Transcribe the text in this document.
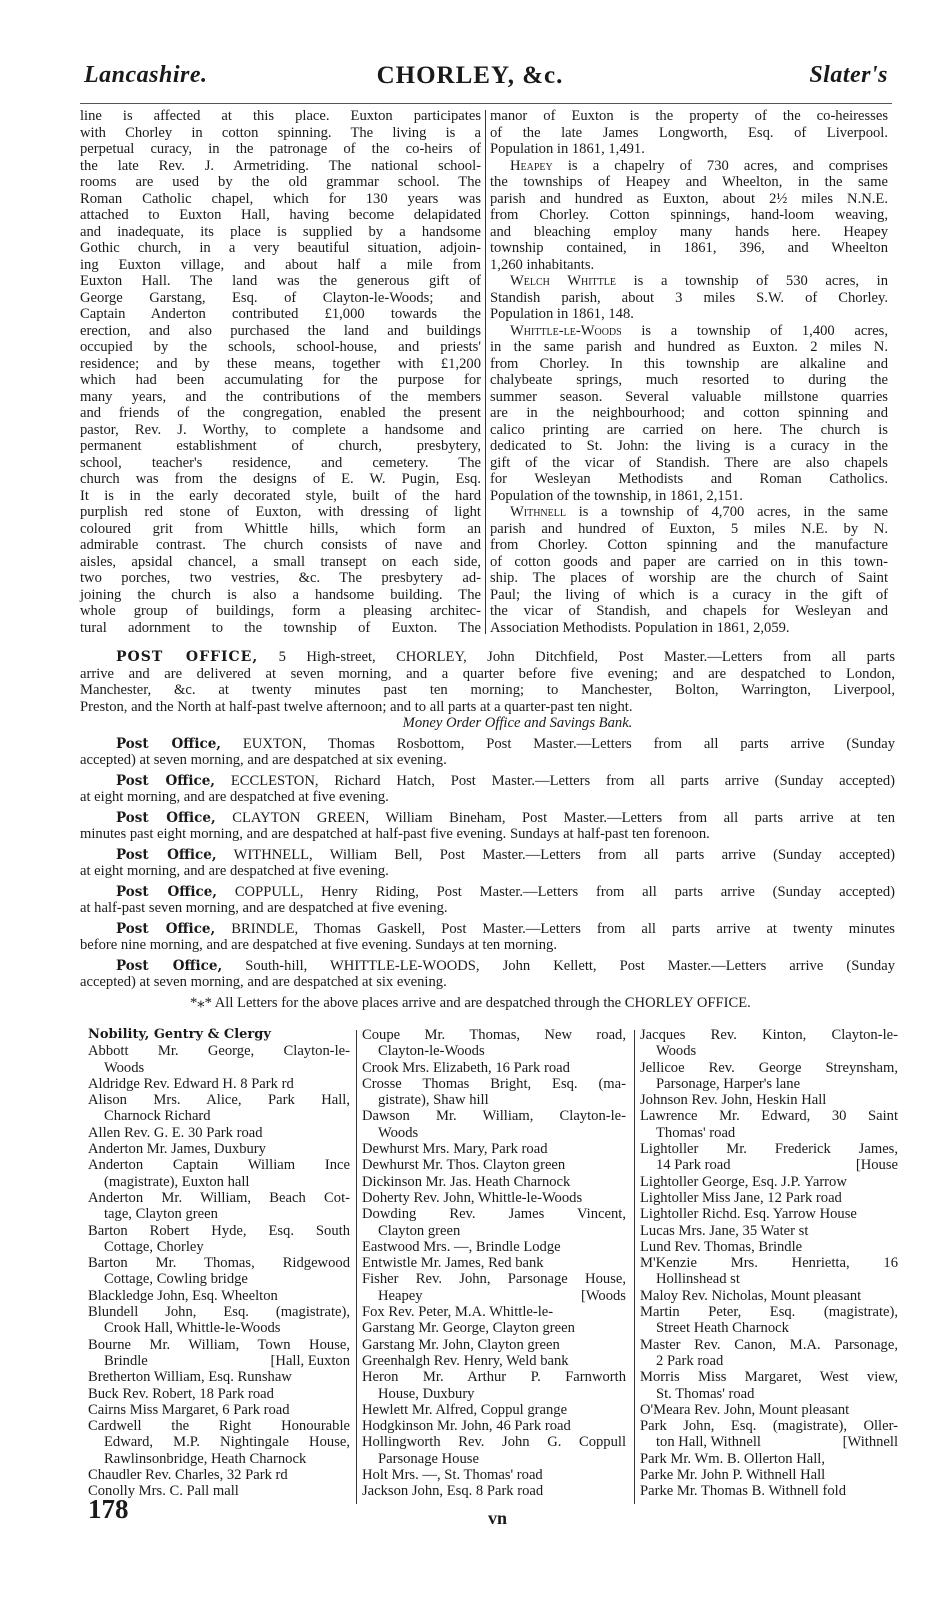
Lancashire.	CHORLEY, &c.	Slater's
line is affected at this place. Euxton participates
with Chorley in cotton spinning. The living is a
perpetual curacy, in the patronage of the co-heirs of
the late Rev. J. Armetriding. The national school-
rooms are used by the old grammar school. The
Roman Catholic chapel, which for 130 years was
attached to Euxton Hall, having become delapidated
and inadequate, its place is supplied by a handsome
Gothic church, in a very beautiful situation, adjoin-
ing Euxton village, and about half a mile from
Euxton Hall. The land was the generous gift of
George Garstang, Esq. of Clayton-le-Woods; and
Captain Anderton contributed £1,000 towards the
erection, and also purchased the land and buildings
occupied by the schools, school-house, and priests'
residence; and by these means, together with £1,200
which had been accumulating for the purpose for
many years, and the contributions of the members
and friends of the congregation, enabled the present
pastor, Rev. J. Worthy, to complete a handsome and
permanent establishment of church, presbytery,
school, teacher's residence, and cemetery. The
church was from the designs of E. W. Pugin, Esq.
It is in the early decorated style, built of the hard
purplish red stone of Euxton, with dressing of light
coloured grit from Whittle hills, which form an
admirable contrast. The church consists of nave and
aisles, apsidal chancel, a small transept on each side,
two porches, two vestries, &c. The presbytery ad-
joining the church is also a handsome building. The
whole group of buildings, form a pleasing architec-
tural adornment to the township of Euxton. The
manor of Euxton is the property of the co-heiresses
of the late James Longworth, Esq. of Liverpool.
Population in 1861, 1,491.
Heapey is a chapelry of 730 acres, and comprises
the townships of Heapey and Wheelton, in the same
parish and hundred as Euxton, about 2½ miles N.N.E.
from Chorley. Cotton spinnings, hand-loom weaving,
and bleaching employ many hands here. Heapey
township contained, in 1861, 396, and Wheelton
1,260 inhabitants.
Welch Whittle is a township of 530 acres, in
Standish parish, about 3 miles S.W. of Chorley.
Population in 1861, 148.
Whittle-le-Woods is a township of 1,400 acres,
in the same parish and hundred as Euxton. 2 miles N.
from Chorley. In this township are alkaline and
chalybeate springs, much resorted to during the
summer season. Several valuable millstone quarries
are in the neighbourhood; and cotton spinning and
calico printing are carried on here. The church is
dedicated to St. John: the living is a curacy in the
gift of the vicar of Standish. There are also chapels
for Wesleyan Methodists and Roman Catholics.
Population of the township, in 1861, 2,151.
Withnell is a township of 4,700 acres, in the same
parish and hundred of Euxton, 5 miles N.E. by N.
from Chorley. Cotton spinning and the manufacture
of cotton goods and paper are carried on in this town-
ship. The places of worship are the church of Saint
Paul; the living of which is a curacy in the gift of
the vicar of Standish, and chapels for Wesleyan and
Association Methodists. Population in 1861, 2,059.
POST OFFICE, 5 High-street, CHORLEY, John Ditchfield, Post Master.—Letters from all parts
arrive and are delivered at seven morning, and a quarter before five evening; and are despatched to London,
Manchester, &c. at twenty minutes past ten morning; to Manchester, Bolton, Warrington, Liverpool,
Preston, and the North at half-past twelve afternoon; and to all parts at a quarter-past ten night.
Money Order Office and Savings Bank.
Post Office, EUXTON, Thomas Rosbottom, Post Master.—Letters from all parts arrive (Sunday
accepted) at seven morning, and are despatched at six evening.
Post Office, ECCLESTON, Richard Hatch, Post Master.—Letters from all parts arrive (Sunday accepted)
at eight morning, and are despatched at five evening.
Post Office, CLAYTON GREEN, William Bineham, Post Master.—Letters from all parts arrive at ten
minutes past eight morning, and are despatched at half-past five evening. Sundays at half-past ten forenoon.
Post Office, WITHNELL, William Bell, Post Master.—Letters from all parts arrive (Sunday accepted)
at eight morning, and are despatched at five evening.
Post Office, COPPULL, Henry Riding, Post Master.—Letters from all parts arrive (Sunday accepted)
at half-past seven morning, and are despatched at five evening.
Post Office, BRINDLE, Thomas Gaskell, Post Master.—Letters from all parts arrive at twenty minutes
before nine morning, and are despatched at five evening. Sundays at ten morning.
Post Office, South-hill, WHITTLE-LE-WOODS, John Kellett, Post Master.—Letters arrive (Sunday
accepted) at seven morning, and are despatched at six evening.
*⁎* All Letters for the above places arrive and are despatched through the CHORLEY OFFICE.
Nobility, Gentry & Clergy
Abbott Mr. George, Clayton-le-
Woods
Aldridge Rev. Edward H. 8 Park rd
Alison Mrs. Alice, Park Hall,
Charnock Richard
Allen Rev. G. E. 30 Park road
Anderton Mr. James, Duxbury
Anderton Captain William Ince
(magistrate), Euxton hall
Anderton Mr. William, Beach Cot-
tage, Clayton green
Barton Robert Hyde, Esq. South
Cottage, Chorley
Barton Mr. Thomas, Ridgewood
Cottage, Cowling bridge
Blackledge John, Esq. Wheelton
Blundell John, Esq. (magistrate),
Crook Hall, Whittle-le-Woods
Bourne Mr. William, Town House,
[Hall, Euxton
Brindle
Bretherton William, Esq. Runshaw
Buck Rev. Robert, 18 Park road
Cairns Miss Margaret, 6 Park road
Cardwell the Right Honourable
Edward, M.P. Nightingale House,
Rawlinsonbridge, Heath Charnock
Chaudler Rev. Charles, 32 Park rd
Conolly Mrs. C. Pall mall
Coupe Mr. Thomas, New road,
Clayton-le-Woods
Crook Mrs. Elizabeth, 16 Park road
Crosse Thomas Bright, Esq. (ma-
gistrate), Shaw hill
Dawson Mr. William, Clayton-le-
Woods
Dewhurst Mrs. Mary, Park road
Dewhurst Mr. Thos. Clayton green
Dickinson Mr. Jas. Heath Charnock
Doherty Rev. John, Whittle-le-Woods
Dowding Rev. James Vincent,
Clayton green
Eastwood Mrs. —, Brindle Lodge
Entwistle Mr. James, Red bank
Fisher Rev. John, Parsonage House,
[Woods
Heapey
Fox Rev. Peter, M.A. Whittle-le-
Garstang Mr. George, Clayton green
Garstang Mr. John, Clayton green
Greenhalgh Rev. Henry, Weld bank
Heron Mr. Arthur P. Farnworth
House, Duxbury
Hewlett Mr. Alfred, Coppul grange
Hodgkinson Mr. John, 46 Park road
Hollingworth Rev. John G. Coppull
Parsonage House
Holt Mrs. —, St. Thomas' road
Jackson John, Esq. 8 Park road
Jacques Rev. Kinton, Clayton-le-
Woods
Jellicoe Rev. George Streynsham,
Parsonage, Harper's lane
Johnson Rev. John, Heskin Hall
Lawrence Mr. Edward, 30 Saint
Thomas' road
Lightoller Mr. Frederick James,
[House
14 Park road
Lightoller George, Esq. J.P. Yarrow
Lightoller Miss Jane, 12 Park road
Lightoller Richd. Esq. Yarrow House
Lucas Mrs. Jane, 35 Water st
Lund Rev. Thomas, Brindle
M'Kenzie Mrs. Henrietta, 16
Hollinshead st
Maloy Rev. Nicholas, Mount pleasant
Martin Peter, Esq. (magistrate),
Street Heath Charnock
Master Rev. Canon, M.A. Parsonage,
2 Park road
Morris Miss Margaret, West view,
St. Thomas' road
O'Meara Rev. John, Mount pleasant
Park John, Esq. (magistrate), Oller-
[Withnell
ton Hall, Withnell
Park Mr. Wm. B. Ollerton Hall,
Parke Mr. John P. Withnell Hall
Parke Mr. Thomas B. Withnell fold
178	vn
